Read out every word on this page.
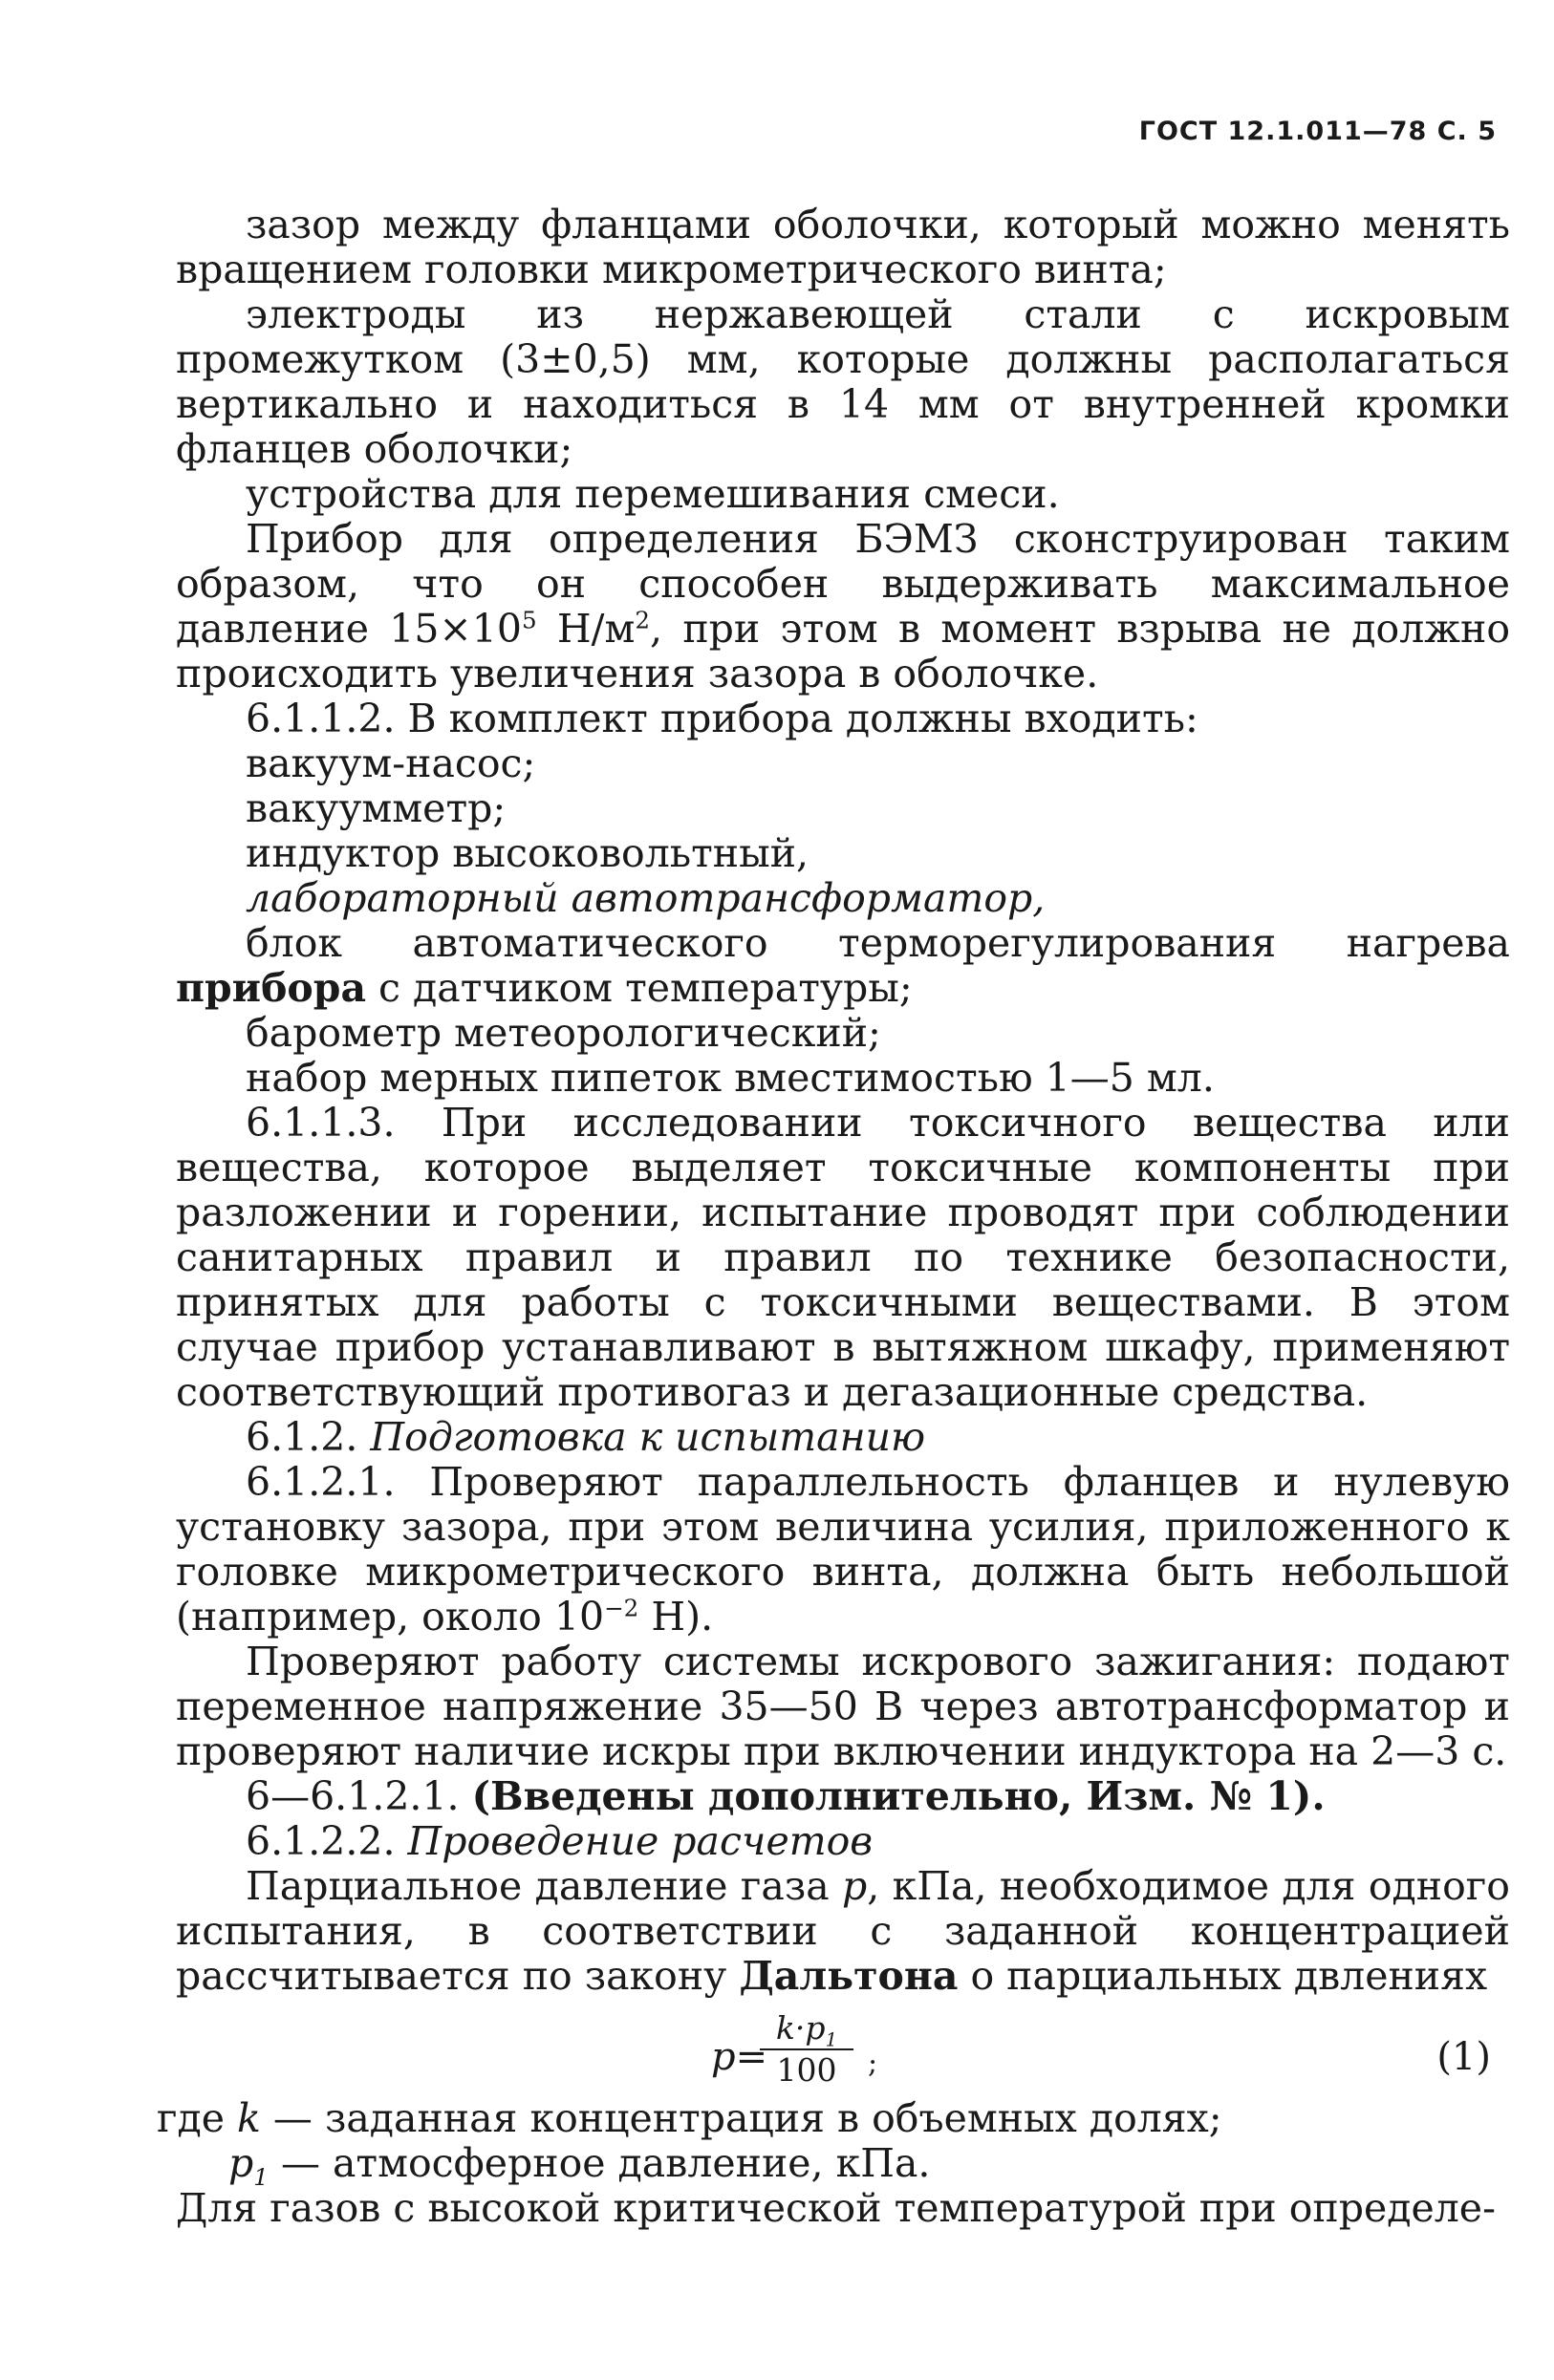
ГОСТ 12.1.011—78 С. 5

зазор между фланцами оболочки, который можно менять вращением головки микрометрического винта;

электроды из нержавеющей стали с искровым промежутком (3±0,5) мм, которые должны располагаться вертикально и находиться в 14 мм от внутренней кромки фланцев оболочки;

устройства для перемешивания смеси.

Прибор для определения БЭМЗ сконструирован таким образом, что он способен выдерживать максимальное давление $15\times 10^5$ $Н/м^2$, при этом в момент взрыва не должно происходить увеличения зазора в оболочке.

6.1.1.2. В комплект прибора должны входить:

вакуум-насос;

вакуумметр;

индуктор высоковольтный,

лабораторный автотрансформатор,

блок автоматического терморегулирования нагрева прибора с датчиком температуры;

барометр метеорологический;

набор мерных пипеток вместимостью 1—5 мл.

6.1.1.3. При исследовании токсичного вещества или вещества, которое выделяет токсичные компоненты при разложении и горении, испытание проводят при соблюдении санитарных правил и правил по технике безопасности, принятых для работы с токсичными веществами. В этом случае прибор устанавливают в вытяжном шкафу, применяют соответствующий противогаз и дегазационные средства.

6.1.2. Подготовка к испытанию

6.1.2.1. Проверяют параллельность фланцев и нулевую установку зазора, при этом величина усилия, приложенного к головке микрометрического винта, должна быть небольшой (например, около $10^{-2}$ Н).

Проверяют работу системы искрового зажигания: подают переменное напряжение 35—50 В через автотрансформатор и проверяют наличие искры при включении индуктора на 2—3 с.

6—6.1.2.1. (Введены дополнительно, Изм. № 1).

6.1.2.2. Проведение расчетов

Парциальное давление газа p, кПа, необходимое для одного испытания, в соответствии с заданной концентрацией рассчитывается по закону Дальтона о парциальных двлениях

p=
$k\cdot p_1$
100	;	(1)

где k — заданная концентрация в объемных долях;

$p_1$ — атмосферное давление, кПа.

Для газов с высокой критической температурой при определе-
